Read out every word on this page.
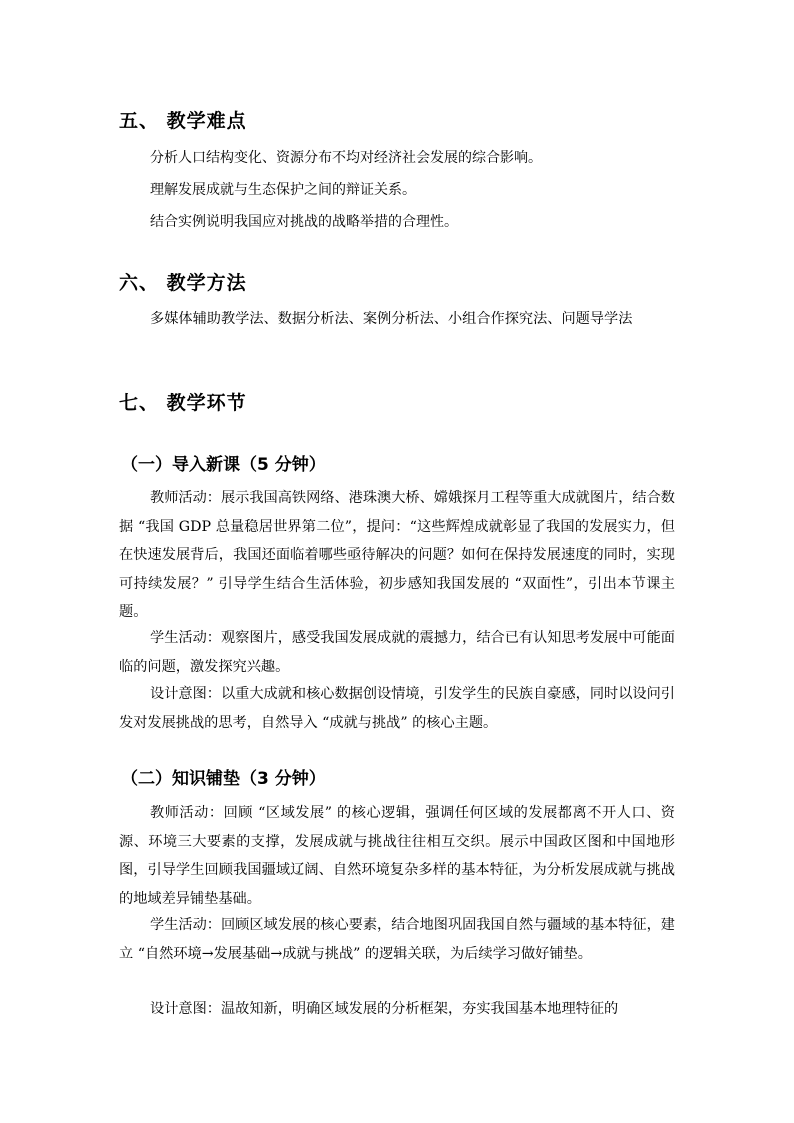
五、 教学难点
分析人口结构变化、资源分布不均对经济社会发展的综合影响。
理解发展成就与生态保护之间的辩证关系。
结合实例说明我国应对挑战的战略举措的合理性。
六、 教学方法

多媒体辅助教学法、数据分析法、案例分析法、小组合作探究法、问题导学法

七、 教学环节
（一）导入新课（5 分钟）

教师活动：展示我国高铁网络、港珠澳大桥、嫦娥探月工程等重大成就图片，结合数据 “我国 GDP 总量稳居世界第二位”，提问：“这些辉煌成就彰显了我国的发展实力，但在快速发展背后，我国还面临着哪些亟待解决的问题？如何在保持发展速度的同时，实现可持续发展？” 引导学生结合生活体验，初步感知我国发展的 “双面性”，引出本节课主题。

学生活动：观察图片，感受我国发展成就的震撼力，结合已有认知思考发展中可能面临的问题，激发探究兴趣。

设计意图：以重大成就和核心数据创设情境，引发学生的民族自豪感，同时以设问引发对发展挑战的思考，自然导入 “成就与挑战” 的核心主题。

（二）知识铺垫（3 分钟）

教师活动：回顾 “区域发展” 的核心逻辑，强调任何区域的发展都离不开人口、资源、环境三大要素的支撑，发展成就与挑战往往相互交织。展示中国政区图和中国地形图，引导学生回顾我国疆域辽阔、自然环境复杂多样的基本特征，为分析发展成就与挑战的地域差异铺垫基础。

学生活动：回顾区域发展的核心要素，结合地图巩固我国自然与疆域的基本特征，建立 “自然环境→发展基础→成就与挑战” 的逻辑关联，为后续学习做好铺垫。

设计意图：温故知新，明确区域发展的分析框架，夯实我国基本地理特征的
